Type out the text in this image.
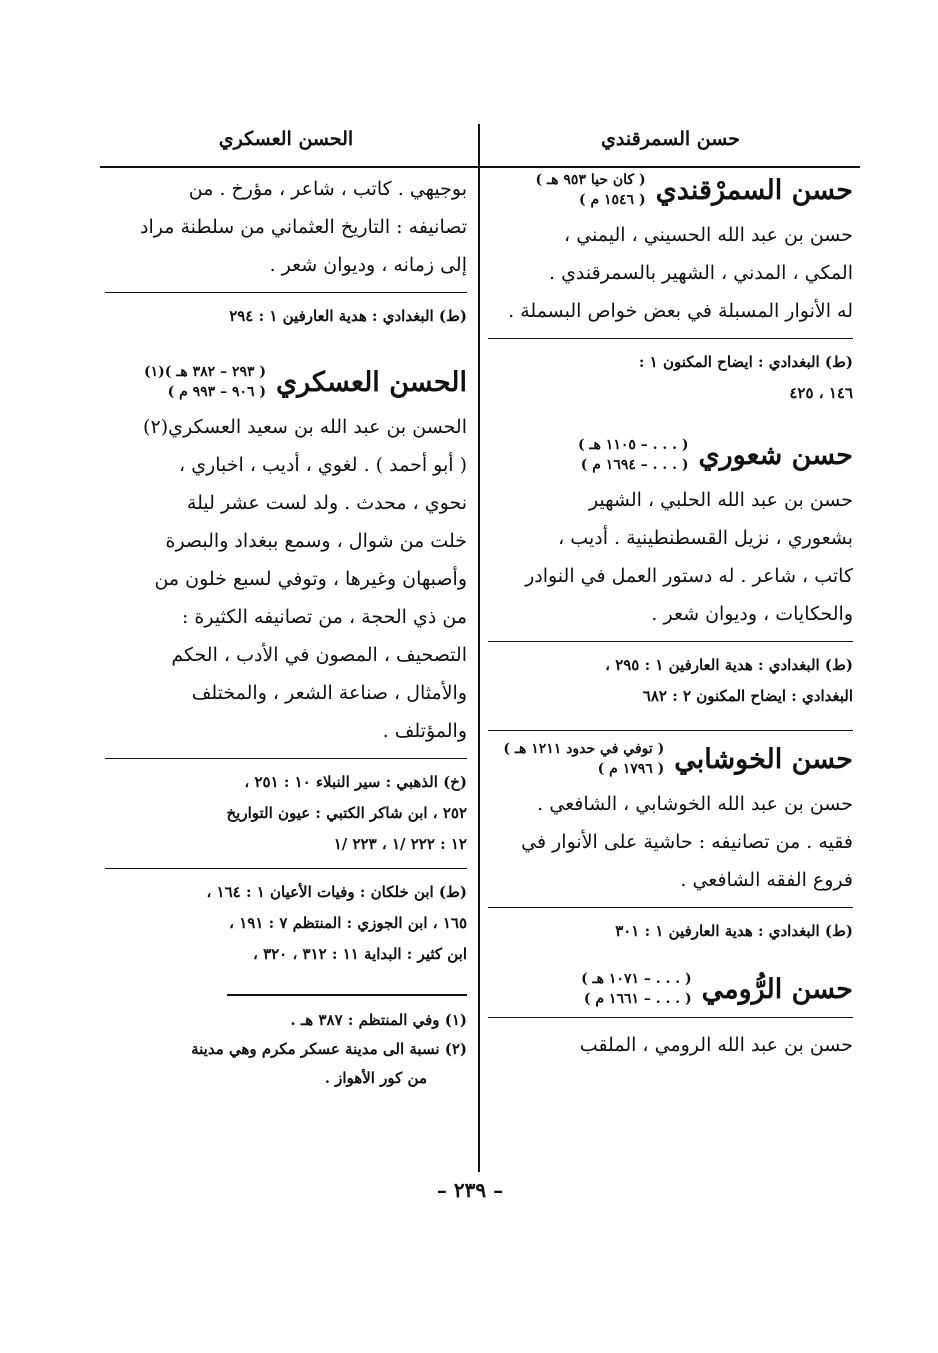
حسن السمرقندي
الحسن العسكري
حسن السمرْقندي
( كان حيا ٩٥٣ هـ )
( ١٥٤٦ م )

حسن بن عبد الله الحسيني ، اليمني ،

المكي ، المدني ، الشهير بالسمرقندي .

له الأنوار المسبلة في بعض خواص البسملة .

(ط) البغدادي : ايضاح المكنون ١ :

١٤٦ ، ٤٢٥

حسن شعوري
( . . . – ١١٠٥ هـ )
( . . . – ١٦٩٤ م )

حسن بن عبد الله الحلبي ، الشهير

بشعوري ، نزيل القسطنطينية . أديب ،

كاتب ، شاعر . له دستور العمل في النوادر

والحكايات ، وديوان شعر .

(ط) البغدادي : هدية العارفين ١ : ٢٩٥ ،

البغدادي : ايضاح المكنون ٢ : ٦٨٢

حسن الخوشابي
( توفي في حدود ١٢١١ هـ )
( ١٧٩٦ م )

حسن بن عبد الله الخوشابي ، الشافعي .

فقيه . من تصانيفه : حاشية على الأنوار في

فروع الفقه الشافعي .

(ط) البغدادي : هدية العارفين ١ : ٣٠١

حسن الرُّومي
( . . . – ١٠٧١ هـ )
( . . . – ١٦٦١ م )

حسن بن عبد الله الرومي ، الملقب

بوجيهي . كاتب ، شاعر ، مؤرخ . من

تصانيفه : التاريخ العثماني من سلطنة مراد

إلى زمانه ، وديوان شعر .

(ط) البغدادي : هدية العارفين ١ : ٢٩٤

الحسن العسكري
( ٢٩٣ – ٣٨٢ هـ )(١)
( ٩٠٦ – ٩٩٣ م )

الحسن بن عبد الله بن سعيد العسكري(٢)

( أبو أحمد ) . لغوي ، أديب ، اخباري ،

نحوي ، محدث . ولد لست عشر ليلة

خلت من شوال ، وسمع ببغداد والبصرة

وأصبهان وغيرها ، وتوفي لسبع خلون من

من ذي الحجة ، من تصانيفه الكثيرة :

التصحيف ، المصون في الأدب ، الحكم

والأمثال ، صناعة الشعر ، والمختلف

والمؤتلف .

(خ) الذهبي : سير النبلاء ١٠ : ٢٥١ ،

٢٥٢ ، ابن شاكر الكتبي : عيون التواريخ

١٢ : ٢٢٢ /١ ، ٢٢٣ /١

(ط) ابن خلكان : وفيات الأعيان ١ : ١٦٤ ،

١٦٥ ، ابن الجوزي : المنتظم ٧ : ١٩١ ،

ابن كثير : البداية ١١ : ٣١٢ ، ٣٢٠ ،

(١) وفي المنتظم : ٣٨٧ هـ .

(٢) نسبة الى مدينة عسكر مكرم وهي مدينة

من كور الأهواز .

– ٢٣٩ –
